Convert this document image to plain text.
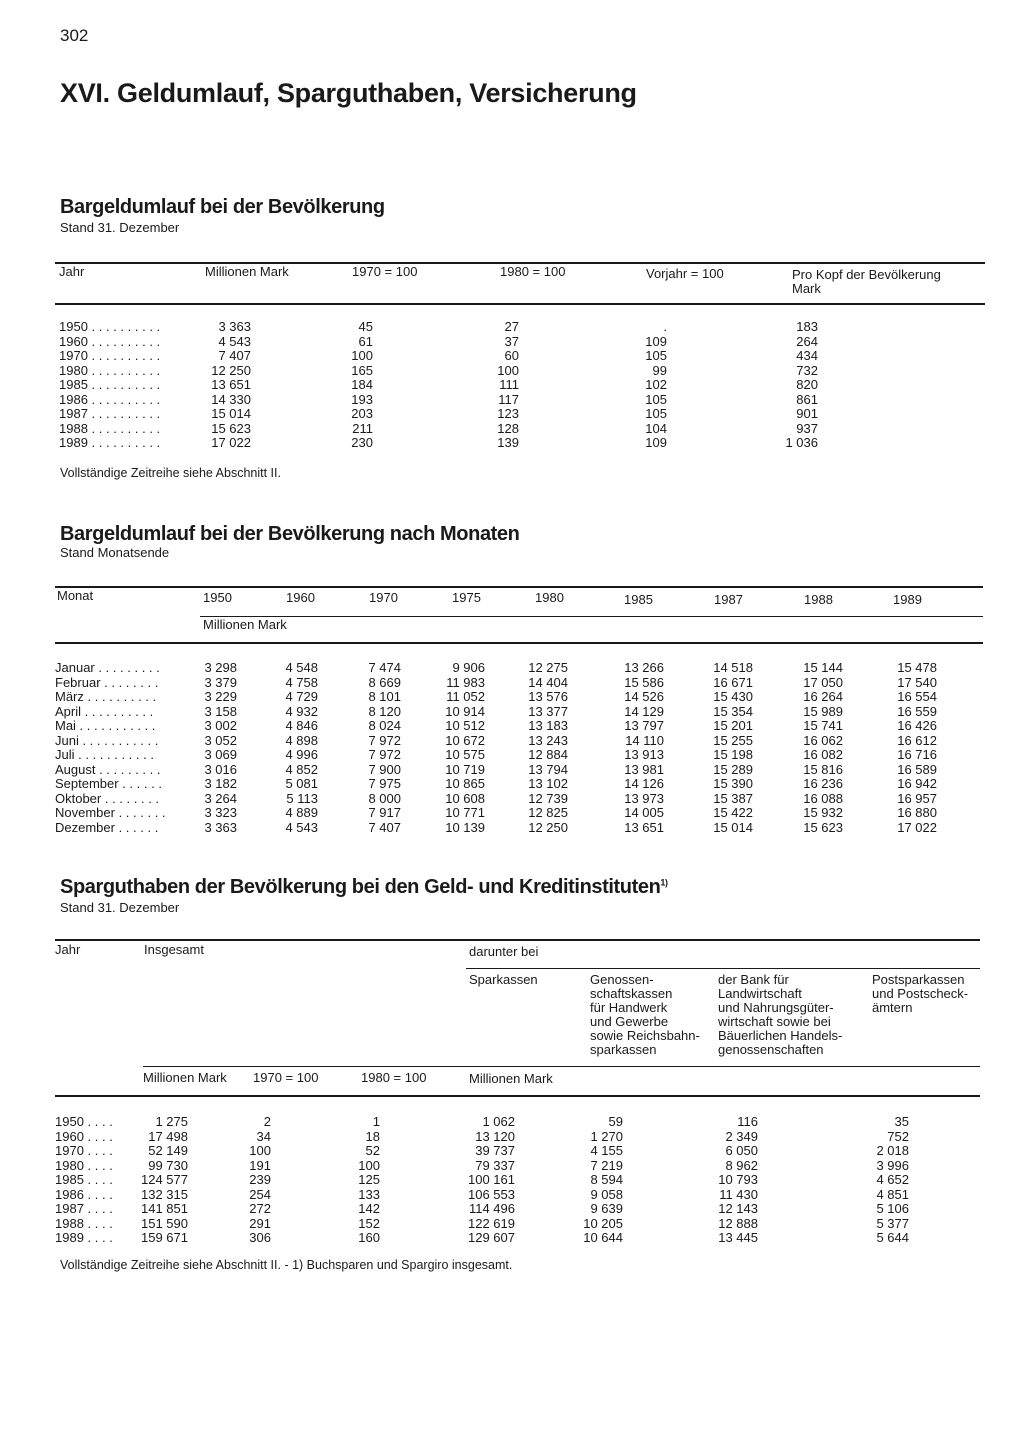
302
XVI. Geldumlauf, Sparguthaben, Versicherung
Bargeldumlauf bei der Bevölkerung
Stand 31. Dezember
Jahr	Millionen Mark	1970 = 100	1980 = 100	Vorjahr = 100	Pro Kopf der Bevölkerung
Mark
1950 . . . . . . . . . .	3 363	45	27	.	183
1960 . . . . . . . . . .	4 543	61	37	109	264
1970 . . . . . . . . . .	7 407	100	60	105	434
1980 . . . . . . . . . .	12 250	165	100	99	732
1985 . . . . . . . . . .	13 651	184	111	102	820
1986 . . . . . . . . . .	14 330	193	117	105	861
1987 . . . . . . . . . .	15 014	203	123	105	901
1988 . . . . . . . . . .	15 623	211	128	104	937
1989 . . . . . . . . . .	17 022	230	139	109	1 036
Vollständige Zeitreihe siehe Abschnitt II.
Bargeldumlauf bei der Bevölkerung nach Monaten
Stand Monatsende
Monat	1950	1960	1970	1975	1980	1985	1987	1988	1989
Millionen Mark
Januar . . . . . . . . .	3 298	4 548	7 474	9 906	12 275	13 266	14 518	15 144	15 478
Februar . . . . . . . .	3 379	4 758	8 669	11 983	14 404	15 586	16 671	17 050	17 540
März . . . . . . . . . .	3 229	4 729	8 101	11 052	13 576	14 526	15 430	16 264	16 554
April . . . . . . . . . .	3 158	4 932	8 120	10 914	13 377	14 129	15 354	15 989	16 559
Mai . . . . . . . . . . .	3 002	4 846	8 024	10 512	13 183	13 797	15 201	15 741	16 426
Juni . . . . . . . . . . .	3 052	4 898	7 972	10 672	13 243	14 110	15 255	16 062	16 612
Juli . . . . . . . . . . .	3 069	4 996	7 972	10 575	12 884	13 913	15 198	16 082	16 716
August . . . . . . . . .	3 016	4 852	7 900	10 719	13 794	13 981	15 289	15 816	16 589
September . . . . . .	3 182	5 081	7 975	10 865	13 102	14 126	15 390	16 236	16 942
Oktober . . . . . . . .	3 264	5 113	8 000	10 608	12 739	13 973	15 387	16 088	16 957
November . . . . . . .	3 323	4 889	7 917	10 771	12 825	14 005	15 422	15 932	16 880
Dezember . . . . . .	3 363	4 543	7 407	10 139	12 250	13 651	15 014	15 623	17 022
Sparguthaben der Bevölkerung bei den Geld- und Kreditinstituten$^{1)}$
Stand 31. Dezember
Jahr	Insgesamt	darunter bei
Sparkassen	Genossen-
schaftskassen
für Handwerk
und Gewerbe
sowie Reichsbahn-
sparkassen
der Bank für
Landwirtschaft
und Nahrungsgüter-
wirtschaft sowie bei
Bäuerlichen Handels-
genossenschaften
Postsparkassen
und Postscheck-
ämtern
Millionen Mark 1970 = 100	1980 = 100	Millionen Mark
1950 . . . .	1 275	2	1	1 062	59	116	35
1960 . . . .	17 498	34	18	13 120	1 270	2 349	752
1970 . . . .	52 149	100	52	39 737	4 155	6 050	2 018
1980 . . . .	99 730	191	100	79 337	7 219	8 962	3 996
1985 . . . .	124 577	239	125	100 161	8 594	10 793	4 652
1986 . . . .	132 315	254	133	106 553	9 058	11 430	4 851
1987 . . . .	141 851	272	142	114 496	9 639	12 143	5 106
1988 . . . .	151 590	291	152	122 619	10 205	12 888	5 377
1989 . . . .	159 671	306	160	129 607	10 644	13 445	5 644
Vollständige Zeitreihe siehe Abschnitt II. - 1) Buchsparen und Spargiro insgesamt.
